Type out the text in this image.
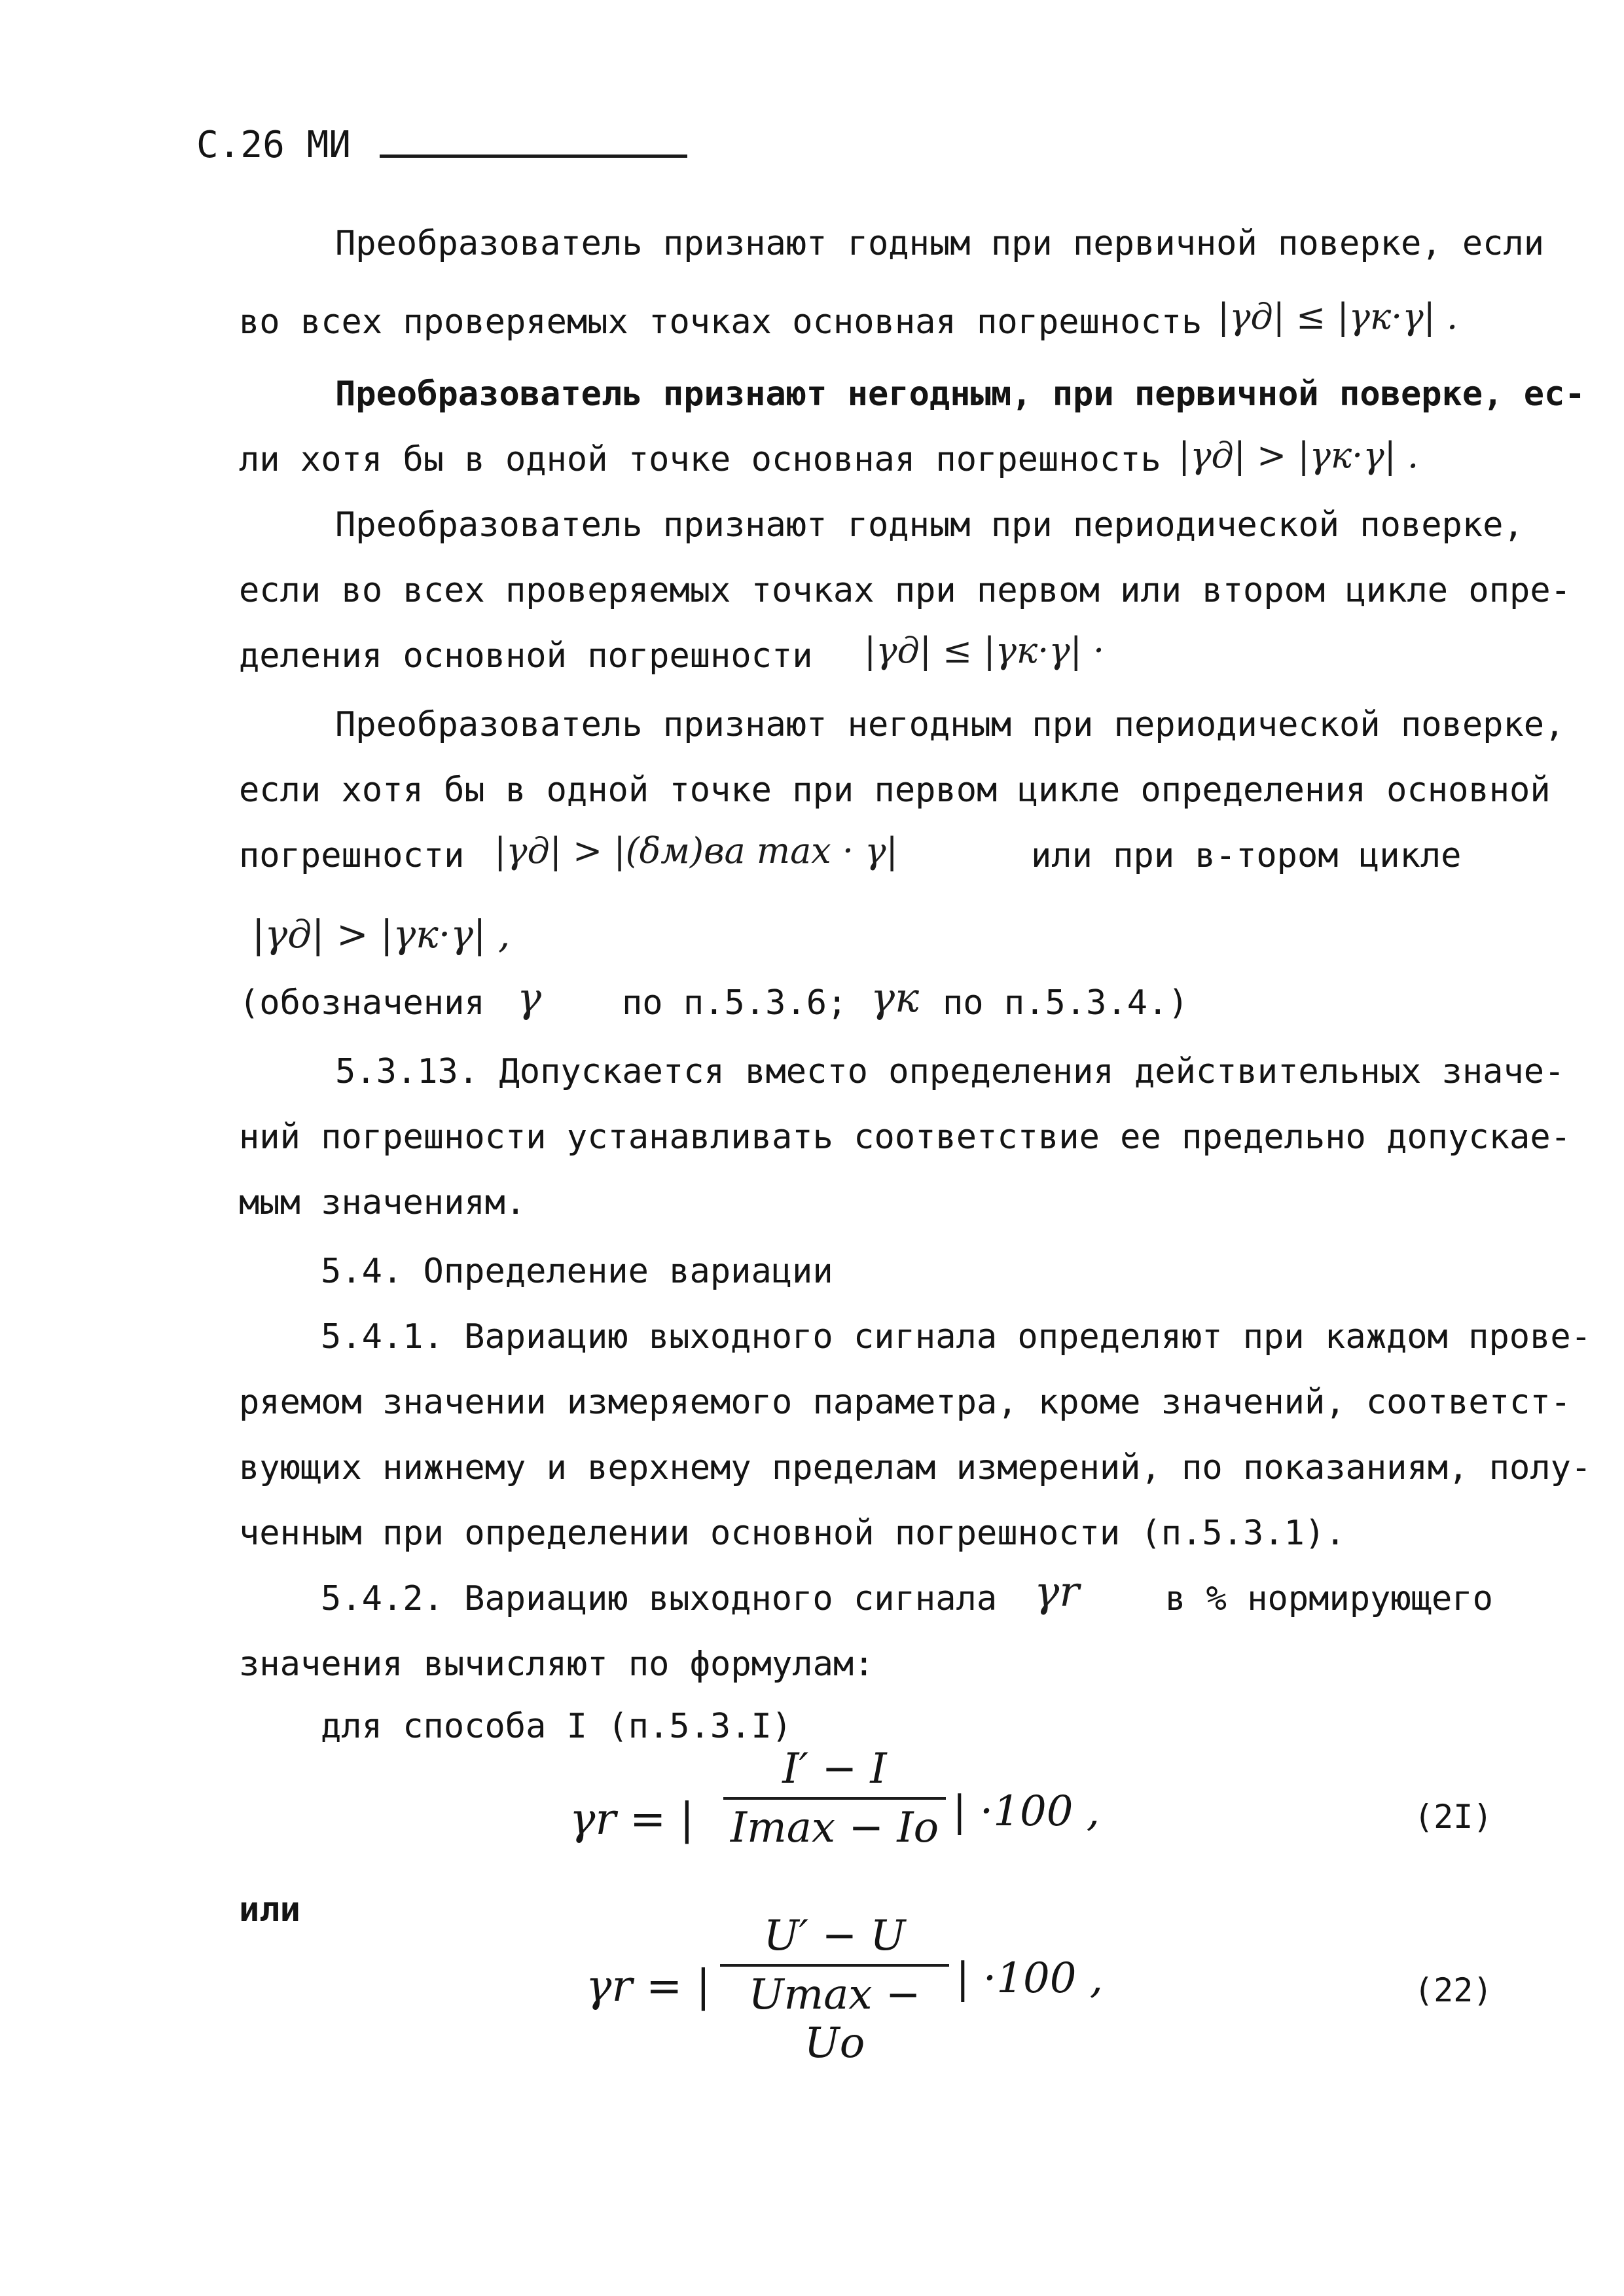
С.26 МИ
Преобразователь признают годным при первичной поверке, если
во всех проверяемых точках основная погрешность |γд| ≤ |γк·γ| .
Преобразователь признают негодным, при первичной поверке, ес-
ли хотя бы в одной точке основная погрешность |γд| > |γк·γ| .
Преобразователь признают годным при периодической поверке,
если во всех проверяемых точках при первом или втором цикле опре-
деления основной погрешности |γд| ≤ |γк·γ| ·
Преобразователь признают негодным при периодической поверке,
если хотя бы в одной точке при первом цикле определения основной
погрешности |γд| > |(δм)ва max · γ|	или при в-тором цикле
|γд| > |γк·γ| ,
(обозначения γ по п.5.3.6; γк по п.5.3.4.)
5.3.13. Допускается вместо определения действительных значе-
ний погрешности устанавливать соответствие ее предельно допускае-
мым значениям.
5.4. Определение вариации
5.4.1. Вариацию выходного сигнала определяют при каждом прове-
ряемом значении измеряемого параметра, кроме значений, соответст-
вующих нижнему и верхнему пределам измерений, по показаниям, полу-
ченным при определении основной погрешности (п.5.3.1).
5.4.2. Вариацию выходного сигнала γr	в % нормирующего
значения вычисляют по формулам:
для способа I (п.5.3.I)
γr = |
I′ − I
Imax − Io | ·100 ,	(2I)
или
γr = |
U′ − U
Umax − Uo
| ·100 ,	(22)
